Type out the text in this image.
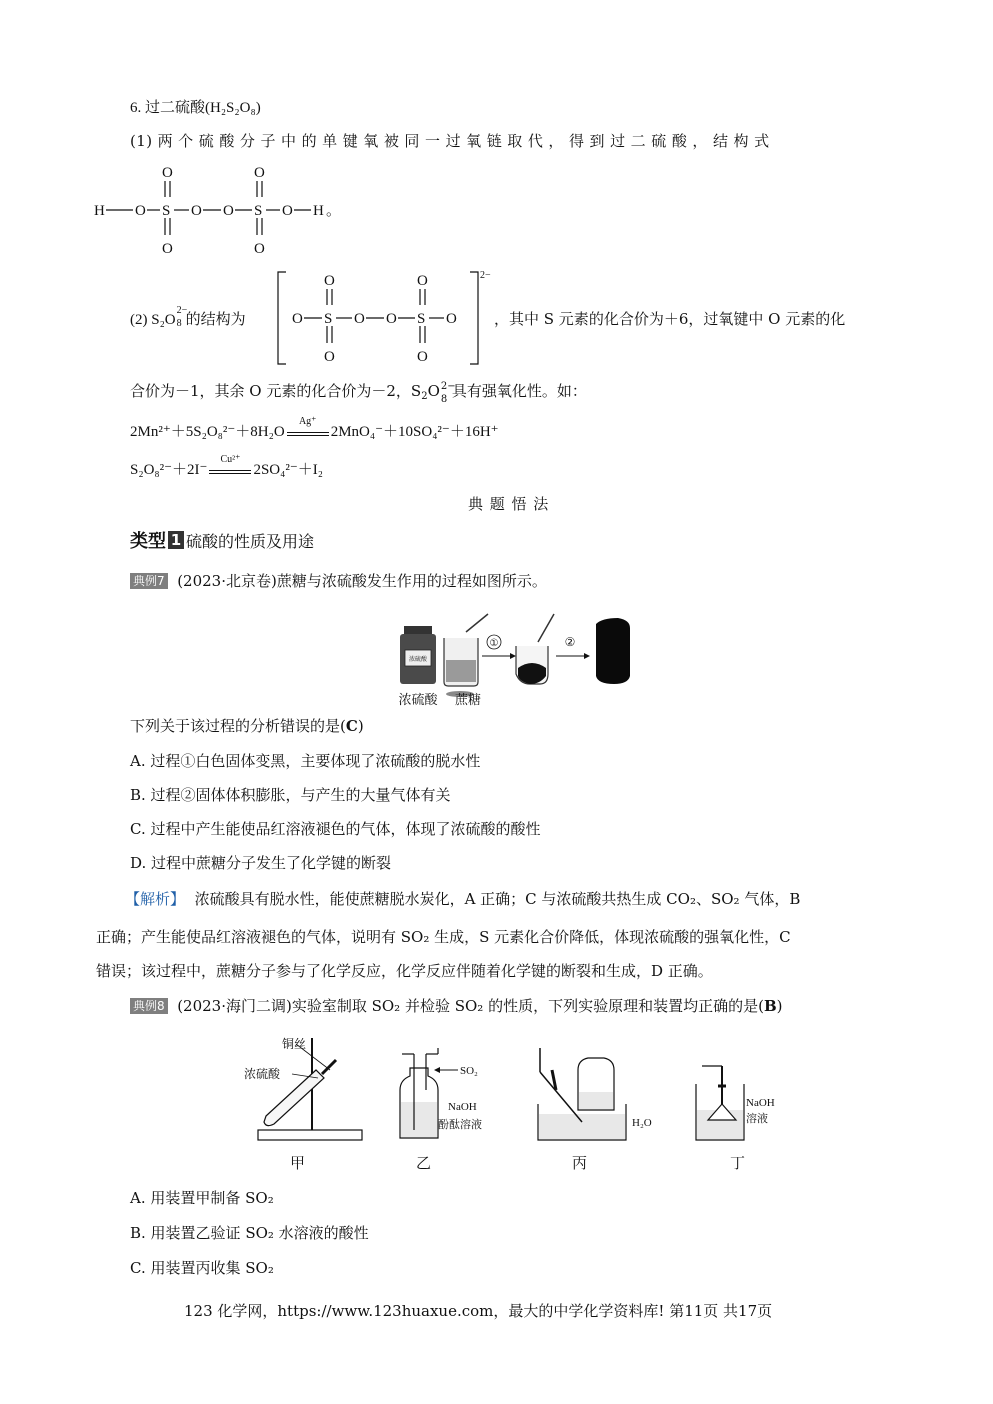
6. 过二硫酸(H₂S₂O₈)
(1) 两 个 硫 酸 分 子 中 的 单 键 氧 被 同 一 过 氧 链 取 代 ， 得 到 过 二 硫 酸 ， 结 构 式
H O S
O
O
O O S
O
O
O H 。
(2) S₂O
2−
8 的结构为
2−
O S
O
O
O O S
O
O
O ，其中 S 元素的化合价为＋6，过氧键中 O 元素的化
合价为－1，其余 O 元素的化合价为－2，$S_2O$ 2−
8 具有强氧化性。如：
2Mn²⁺＋5S₂O₈²⁻＋8H₂O
Ag⁺
2MnO₄⁻＋10SO₄²⁻＋16H⁺
S₂O₈²⁻＋2I⁻
Cu²⁺
2SO₄²⁻＋I₂
典 题 悟 法
类型 1 硫酸的性质及用途
典例7 (2023·北京卷)蔗糖与浓硫酸发生作用的过程如图所示。
浓硫酸
①	②
浓硫酸 蔗糖
下列关于该过程的分析错误的是(C)
A. 过程①白色固体变黑，主要体现了浓硫酸的脱水性
B. 过程②固体体积膨胀，与产生的大量气体有关
C. 过程中产生能使品红溶液褪色的气体，体现了浓硫酸的酸性
D. 过程中蔗糖分子发生了化学键的断裂
【解析】 浓硫酸具有脱水性，能使蔗糖脱水炭化，A 正确；C 与浓硫酸共热生成 CO₂、SO₂ 气体，B
正确；产生能使品红溶液褪色的气体，说明有 SO₂ 生成，S 元素化合价降低，体现浓硫酸的强氧化性，C
错误；该过程中，蔗糖分子参与了化学反应，化学反应伴随着化学键的断裂和生成，D 正确。
典例8 (2023·海门二调)实验室制取 SO₂ 并检验 SO₂ 的性质，下列实验原理和装置均正确的是(B)
铜丝
浓硫酸
甲
SO₂
NaOH
酚酞溶液
乙
H₂O
丙
NaOH
溶液
丁
A. 用装置甲制备 SO₂
B. 用装置乙验证 SO₂ 水溶液的酸性
C. 用装置丙收集 SO₂
123 化学网，https://www.123huaxue.com，最大的中学化学资料库! 第11页 共17页
